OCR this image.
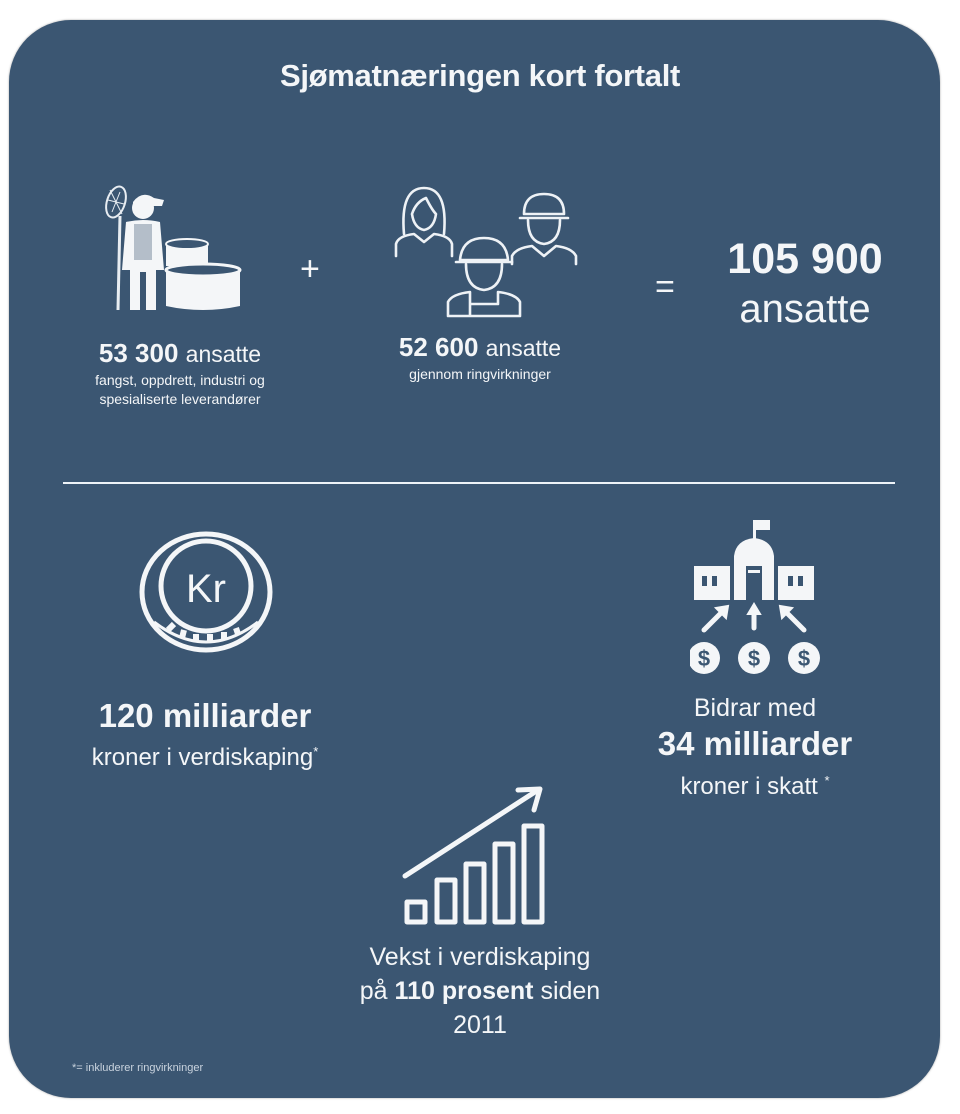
Sjømatnæringen kort fortalt
53 300 ansatte
fangst, oppdrett, industri og
spesialiserte leverandører
+
52 600 ansatte
gjennom ringvirkninger
=
105 900
ansatte
Kr
120 milliarder
kroner i verdiskaping*
$ $ $
Bidrar med
34 milliarder
kroner i skatt *
Vekst i verdiskaping
på 110 prosent siden
2011
*= inkluderer ringvirkninger
